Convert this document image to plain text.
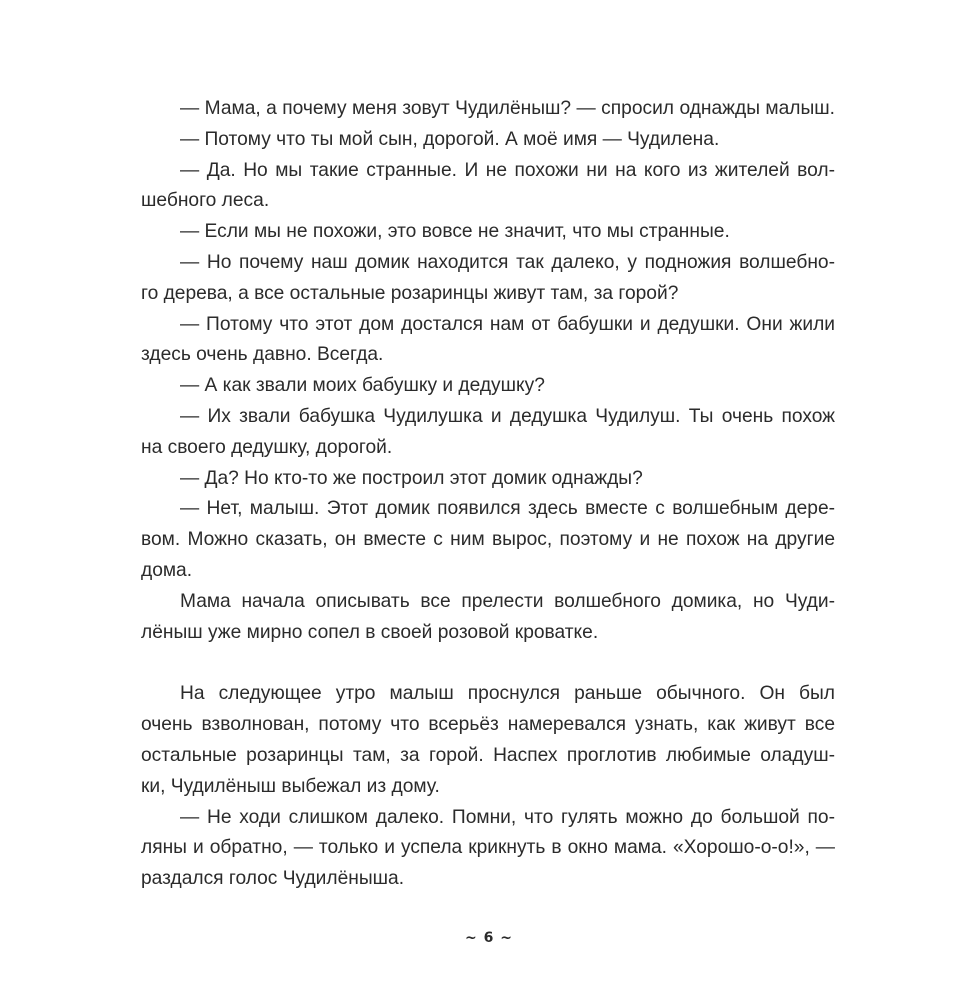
— Мама, а почему меня зовут Чудилёныш? — спросил однажды малыш.
— Потому что ты мой сын, дорогой. А моё имя — Чудилена.
— Да. Но мы такие странные. И не похожи ни на кого из жителей вол-
шебного леса.
— Если мы не похожи, это вовсе не значит, что мы странные.
— Но почему наш домик находится так далеко, у подножия волшебно-
го дерева, а все остальные розаринцы живут там, за горой?
— Потому что этот дом достался нам от бабушки и дедушки. Они жили
здесь очень давно. Всегда.
— А как звали моих бабушку и дедушку?
— Их звали бабушка Чудилушка и дедушка Чудилуш. Ты очень похож
на своего дедушку, дорогой.
— Да? Но кто-то же построил этот домик однажды?
— Нет, малыш. Этот домик появился здесь вместе с волшебным дере-
вом. Можно сказать, он вместе с ним вырос, поэтому и не похож на другие
дома.
Мама начала описывать все прелести волшебного домика, но Чуди-
лёныш уже мирно сопел в своей розовой кроватке.
На следующее утро малыш проснулся раньше обычного. Он был
очень взволнован, потому что всерьёз намеревался узнать, как живут все
остальные розаринцы там, за горой. Наспех проглотив любимые оладуш-
ки, Чудилёныш выбежал из дому.
— Не ходи слишком далеко. Помни, что гулять можно до большой по-
ляны и обратно, — только и успела крикнуть в окно мама. «Хорошо-о-о!», —
раздался голос Чудилёныша.
~ 6 ~
